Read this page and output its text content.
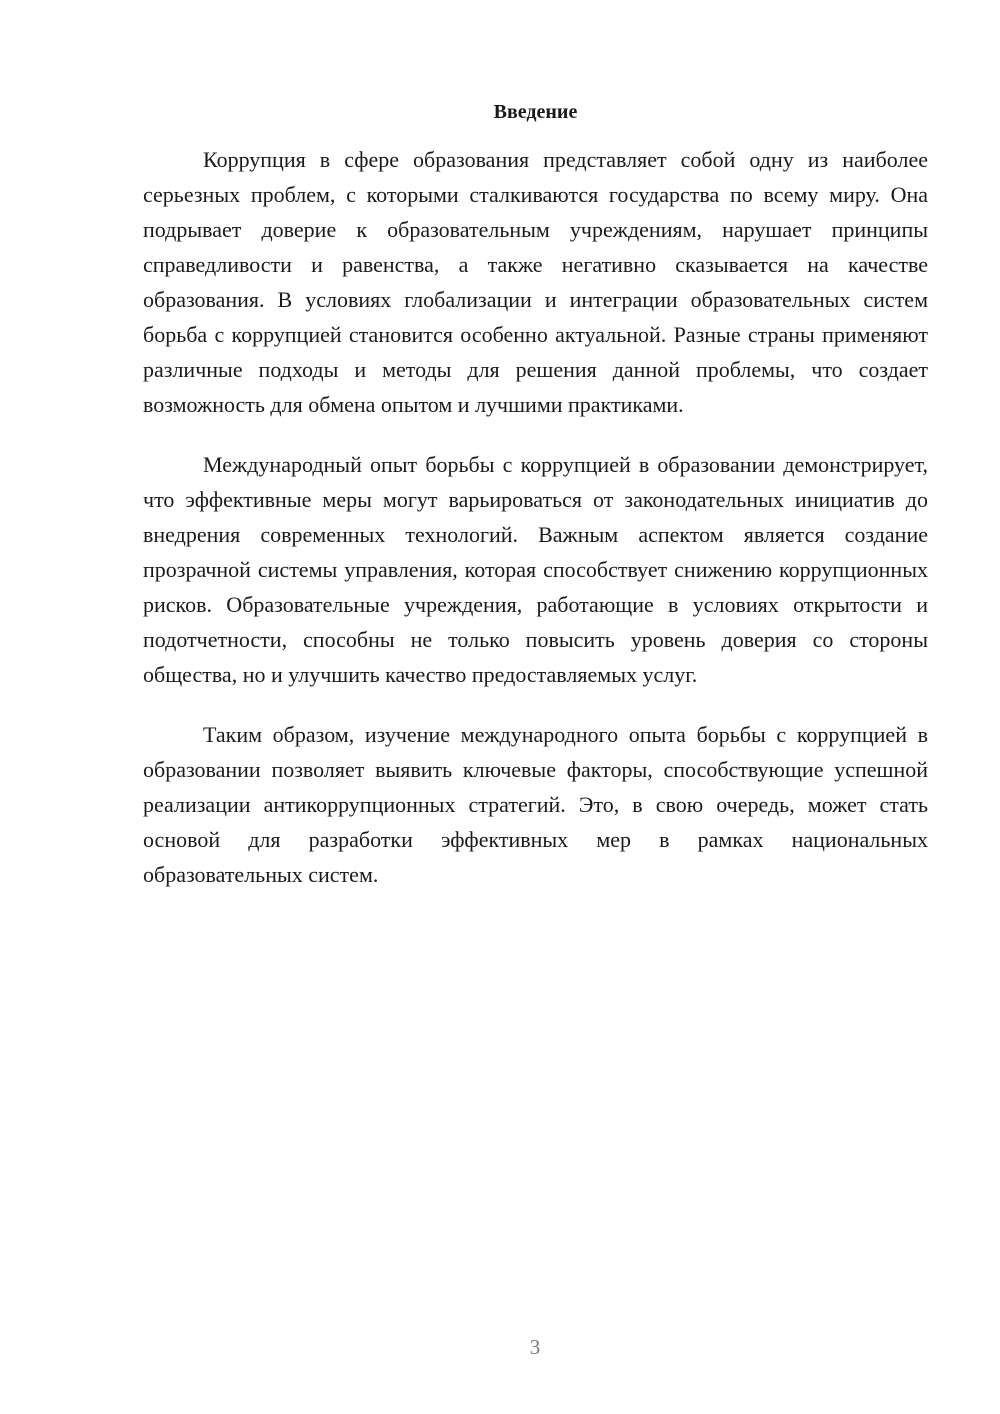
Введение

Коррупция в сфере образования представляет собой одну из наиболее серьезных проблем, с которыми сталкиваются государства по всему миру. Она подрывает доверие к образовательным учреждениям, нарушает принципы справедливости и равенства, а также негативно сказывается на качестве образования. В условиях глобализации и интеграции образовательных систем борьба с коррупцией становится особенно актуальной. Разные страны применяют различные подходы и методы для решения данной проблемы, что создает возможность для обмена опытом и лучшими практиками.

Международный опыт борьбы с коррупцией в образовании демонстрирует, что эффективные меры могут варьироваться от законодательных инициатив до внедрения современных технологий. Важным аспектом является создание прозрачной системы управления, которая способствует снижению коррупционных рисков. Образовательные учреждения, работающие в условиях открытости и подотчетности, способны не только повысить уровень доверия со стороны общества, но и улучшить качество предоставляемых услуг.

Таким образом, изучение международного опыта борьбы с коррупцией в образовании позволяет выявить ключевые факторы, способствующие успешной реализации антикоррупционных стратегий. Это, в свою очередь, может стать основой для разработки эффективных мер в рамках национальных образовательных систем.

3
